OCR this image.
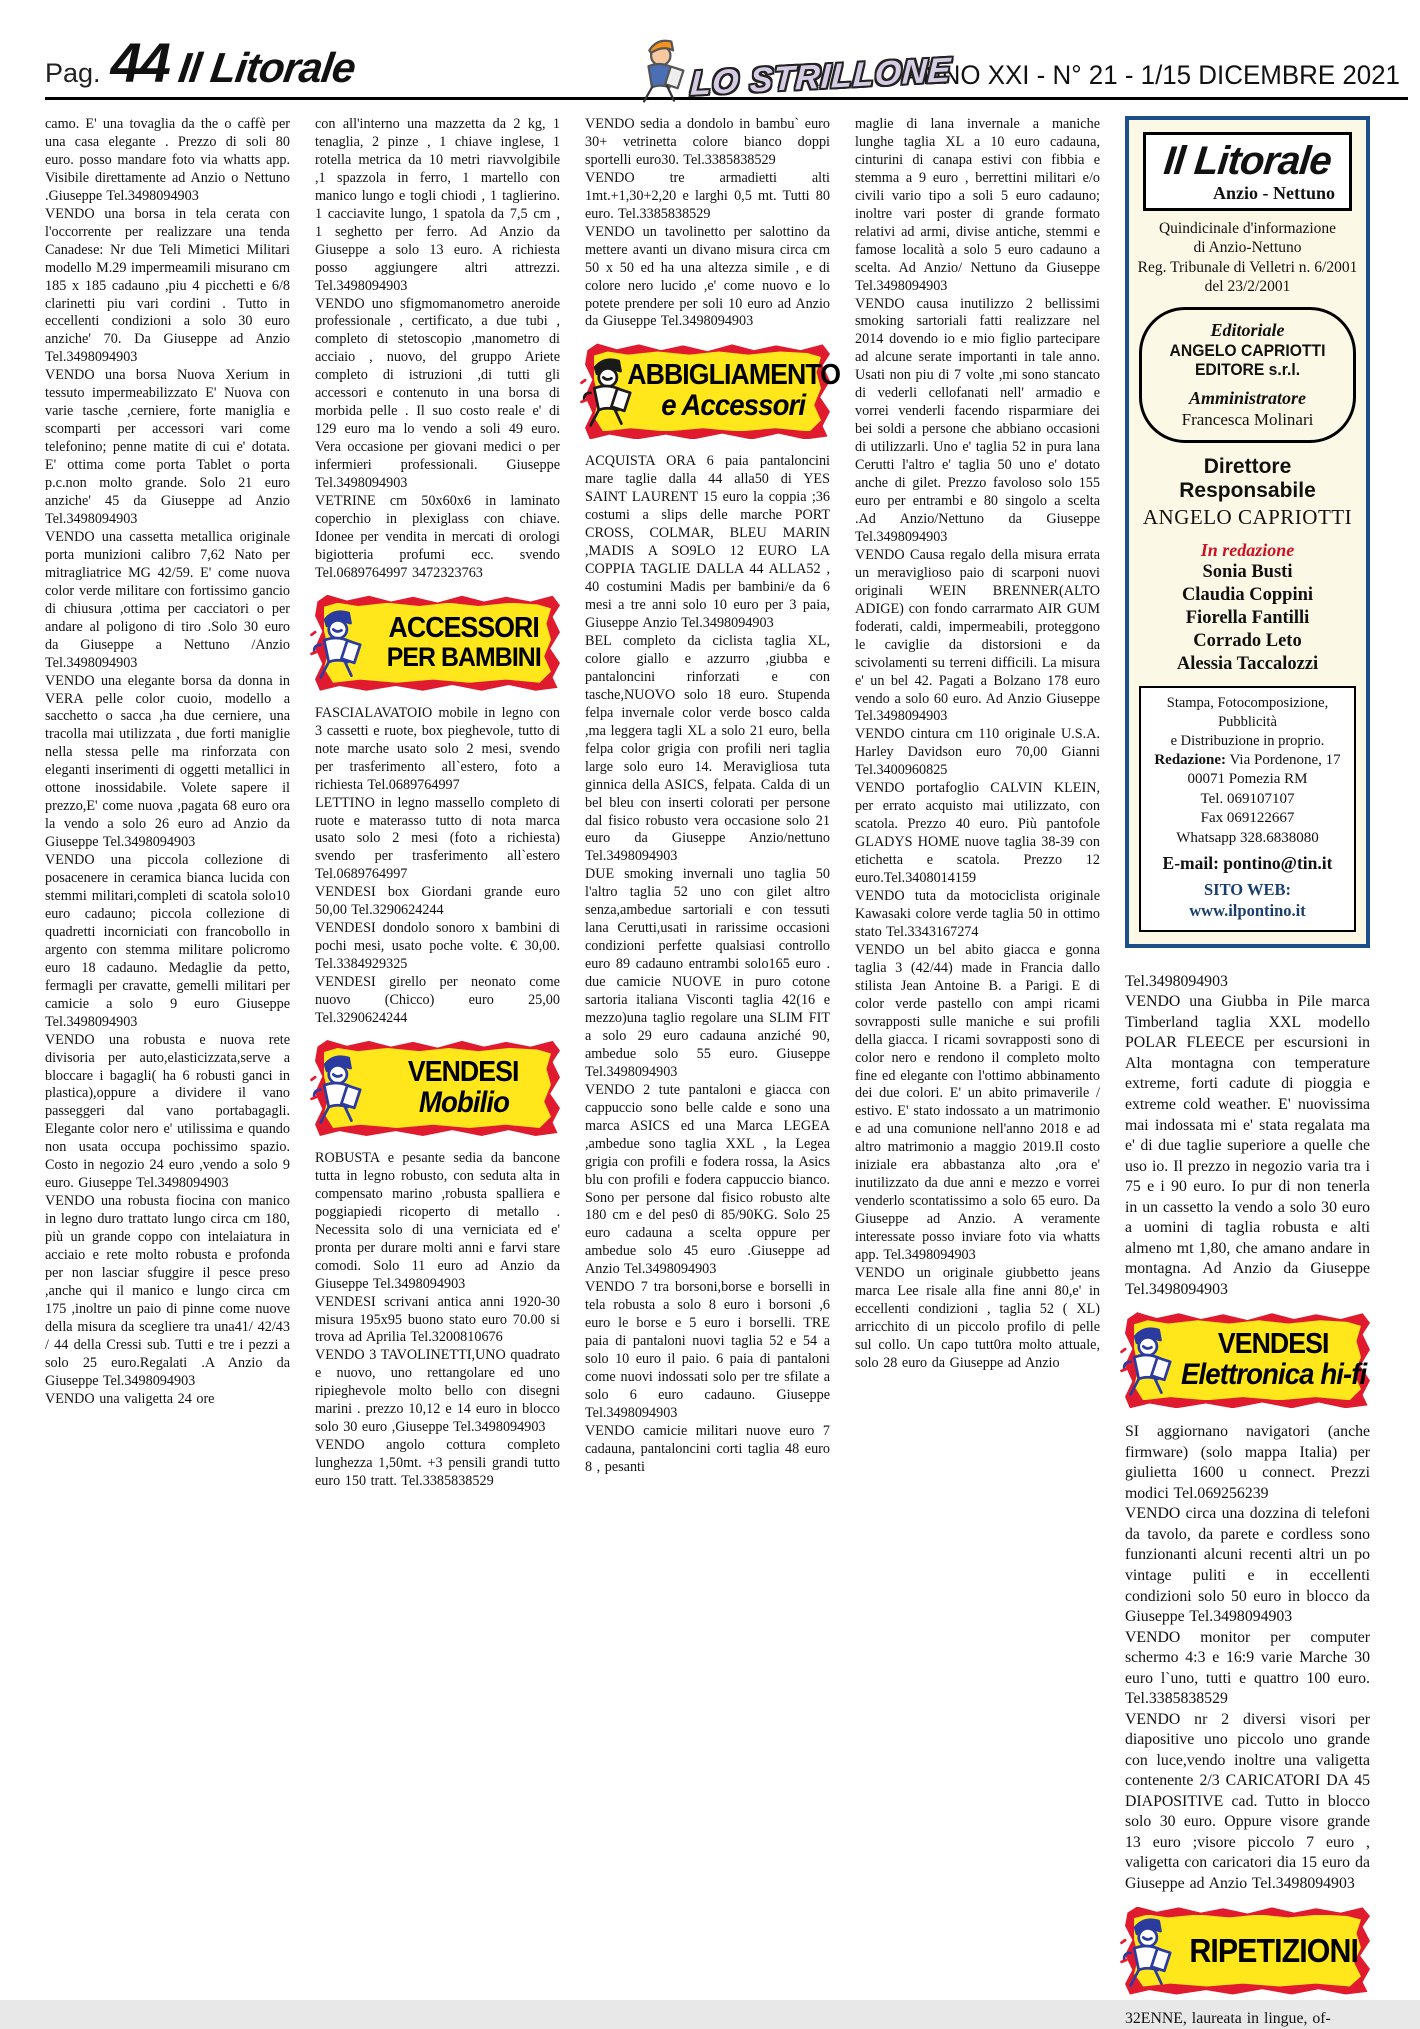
Pag. 44 Il Litorale	LO STRILLONE
ANNO XXI - N° 21 - 1/15 DICEMBRE 2021

camo. E' una tovaglia da the o caffè per una casa elegante . Prezzo di soli 80 euro. posso mandare foto via whatts app. Visibile direttamente ad Anzio o Nettuno .Giuseppe Tel.3498094903

VENDO una borsa in tela cerata con l'occorrente per realizzare una tenda Canadese: Nr due Teli Mimetici Militari modello M.29 impermeamili misurano cm 185 x 185 cadauno ,piu 4 picchetti e 6/8 clarinetti piu vari cordini . Tutto in eccellenti condizioni a solo 30 euro anziche' 70. Da Giuseppe ad Anzio Tel.3498094903

VENDO una borsa Nuova Xerium in tessuto impermeabilizzato E' Nuova con varie tasche ,cerniere, forte maniglia e scomparti per accessori vari come telefonino; penne matite di cui e' dotata. E' ottima come porta Tablet o porta p.c.non molto grande. Solo 21 euro anziche' 45 da Giuseppe ad Anzio Tel.3498094903

VENDO una cassetta metallica originale porta munizioni calibro 7,62 Nato per mitragliatrice MG 42/59. E' come nuova color verde militare con fortissimo gancio di chiusura ,ottima per cacciatori o per andare al poligono di tiro .Solo 30 euro da Giuseppe a Nettuno /Anzio Tel.3498094903

VENDO una elegante borsa da donna in VERA pelle color cuoio, modello a sacchetto o sacca ,ha due cerniere, una tracolla mai utilizzata , due forti maniglie nella stessa pelle ma rinforzata con eleganti inserimenti di oggetti metallici in ottone inossidabile. Volete sapere il prezzo,E' come nuova ,pagata 68 euro ora la vendo a solo 26 euro ad Anzio da Giuseppe Tel.3498094903

VENDO una piccola collezione di posacenere in ceramica bianca lucida con stemmi militari,completi di scatola solo10 euro cadauno; piccola collezione di quadretti incorniciati con francobollo in argento con stemma militare policromo euro 18 cadauno. Medaglie da petto, fermagli per cravatte, gemelli militari per camicie a solo 9 euro Giuseppe Tel.3498094903

VENDO una robusta e nuova rete divisoria per auto,elasticizzata,serve a bloccare i bagagli( ha 6 robusti ganci in plastica),oppure a dividere il vano passeggeri dal vano portabagagli. Elegante color nero e' utilissima e quando non usata occupa pochissimo spazio. Costo in negozio 24 euro ,vendo a solo 9 euro. Giuseppe Tel.3498094903

VENDO una robusta fiocina con manico in legno duro trattato lungo circa cm 180, più un grande coppo con intelaiatura in acciaio e rete molto robusta e profonda per non lasciar sfuggire il pesce preso ,anche qui il manico e lungo circa cm 175 ,inoltre un paio di pinne come nuove della misura da scegliere tra una41/ 42/43 / 44 della Cressi sub. Tutti e tre i pezzi a solo 25 euro.Regalati .A Anzio da Giuseppe Tel.3498094903

VENDO una valigetta 24 ore

con all'interno una mazzetta da 2 kg, 1 tenaglia, 2 pinze , 1 chiave inglese, 1 rotella metrica da 10 metri riavvolgibile ,1 spazzola in ferro, 1 martello con manico lungo e togli chiodi , 1 taglierino. 1 cacciavite lungo, 1 spatola da 7,5 cm , 1 seghetto per ferro. Ad Anzio da Giuseppe a solo 13 euro. A richiesta posso aggiungere altri attrezzi. Tel.3498094903

VENDO uno sfigmomanometro aneroide professionale , certificato, a due tubi , completo di stetoscopio ,manometro di acciaio , nuovo, del gruppo Ariete completo di istruzioni ,di tutti gli accessori e contenuto in una borsa di morbida pelle . Il suo costo reale e' di 129 euro ma lo vendo a soli 49 euro. Vera occasione per giovani medici o per infermieri professionali. Giuseppe Tel.3498094903

VETRINE cm 50x60x6 in laminato coperchio in plexiglass con chiave. Idonee per vendita in mercati di orologi bigiotteria profumi ecc. svendo Tel.0689764997 3472323763

ACCESSORI
PER BAMBINI

FASCIALAVATOIO mobile in legno con 3 cassetti e ruote, box pieghevole, tutto di note marche usato solo 2 mesi, svendo per trasferimento all`estero, foto a richiesta Tel.0689764997

LETTINO in legno massello completo di ruote e materasso tutto di nota marca usato solo 2 mesi (foto a richiesta) svendo per trasferimento all`estero Tel.0689764997

VENDESI box Giordani grande euro 50,00 Tel.3290624244

VENDESI dondolo sonoro x bambini di pochi mesi, usato poche volte. € 30,00. Tel.3384929325

VENDESI girello per neonato come nuovo (Chicco) euro 25,00 Tel.3290624244

VENDESI
Mobilio

ROBUSTA e pesante sedia da bancone tutta in legno robusto, con seduta alta in compensato marino ,robusta spalliera e poggiapiedi ricoperto di metallo . Necessita solo di una verniciata ed e' pronta per durare molti anni e farvi stare comodi. Solo 11 euro ad Anzio da Giuseppe Tel.3498094903

VENDESI scrivani antica anni 1920-30 misura 195x95 buono stato euro 70.00 si trova ad Aprilia Tel.3200810676

VENDO 3 TAVOLINETTI,UNO quadrato e nuovo, uno rettangolare ed uno ripieghevole molto bello con disegni marini . prezzo 10,12 e 14 euro in blocco solo 30 euro ,Giuseppe Tel.3498094903

VENDO angolo cottura completo lunghezza 1,50mt. +3 pensili grandi tutto euro 150 tratt. Tel.3385838529

VENDO sedia a dondolo in bambu` euro 30+ vetrinetta colore bianco doppi sportelli euro30. Tel.3385838529

VENDO tre armadietti alti 1mt.+1,30+2,20 e larghi 0,5 mt. Tutti 80 euro. Tel.3385838529

VENDO un tavolinetto per salottino da mettere avanti un divano misura circa cm 50 x 50 ed ha una altezza simile , e di colore nero lucido ,e' come nuovo e lo potete prendere per soli 10 euro ad Anzio da Giuseppe Tel.3498094903

ABBIGLIAMENTO
e Accessori

ACQUISTA ORA 6 paia pantaloncini mare taglie dalla 44 alla50 di YES SAINT LAURENT 15 euro la coppia ;36 costumi a slips delle marche PORT CROSS, COLMAR, BLEU MARIN ,MADIS A SO9LO 12 EURO LA COPPIA TAGLIE DALLA 44 ALLA52 , 40 costumini Madis per bambini/e da 6 mesi a tre anni solo 10 euro per 3 paia, Giuseppe Anzio Tel.3498094903

BEL completo da ciclista taglia XL, colore giallo e azzurro ,giubba e pantaloncini rinforzati e con tasche,NUOVO solo 18 euro. Stupenda felpa invernale color verde bosco calda ,ma leggera tagli XL a solo 21 euro, bella felpa color grigia con profili neri taglia large solo euro 14. Meravigliosa tuta ginnica della ASICS, felpata. Calda di un bel bleu con inserti colorati per persone dal fisico robusto vera occasione solo 21 euro da Giuseppe Anzio/nettuno Tel.3498094903

DUE smoking invernali uno taglia 50 l'altro taglia 52 uno con gilet altro senza,ambedue sartoriali e con tessuti lana Cerutti,usati in rarissime occasioni condizioni perfette qualsiasi controllo euro 89 cadauno entrambi solo165 euro . due camicie NUOVE in puro cotone sartoria italiana Visconti taglia 42(16 e mezzo)una taglio regolare una SLIM FIT a solo 29 euro cadauna anziché 90, ambedue solo 55 euro. Giuseppe Tel.3498094903

VENDO 2 tute pantaloni e giacca con cappuccio sono belle calde e sono una marca ASICS ed una Marca LEGEA ,ambedue sono taglia XXL , la Legea grigia con profili e fodera rossa, la Asics blu con profili e fodera cappuccio bianco. Sono per persone dal fisico robusto alte 180 cm e del pes0 di 85/90KG. Solo 25 euro cadauna a scelta oppure per ambedue solo 45 euro .Giuseppe ad Anzio Tel.3498094903

VENDO 7 tra borsoni,borse e borselli in tela robusta a solo 8 euro i borsoni ,6 euro le borse e 5 euro i borselli. TRE paia di pantaloni nuovi taglia 52 e 54 a solo 10 euro il paio. 6 paia di pantaloni come nuovi indossati solo per tre sfilate a solo 6 euro cadauno. Giuseppe Tel.3498094903

VENDO camicie militari nuove euro 7 cadauna, pantaloncini corti taglia 48 euro 8 , pesanti

maglie di lana invernale a maniche lunghe taglia XL a 10 euro cadauna, cinturini di canapa estivi con fibbia e stemma a 9 euro , berrettini militari e/o civili vario tipo a soli 5 euro cadauno; inoltre vari poster di grande formato relativi ad armi, divise antiche, stemmi e famose località a solo 5 euro cadauno a scelta. Ad Anzio/ Nettuno da Giuseppe Tel.3498094903

VENDO causa inutilizzo 2 bellissimi smoking sartoriali fatti realizzare nel 2014 dovendo io e mio figlio partecipare ad alcune serate importanti in tale anno. Usati non piu di 7 volte ,mi sono stancato di vederli cellofanati nell' armadio e vorrei venderli facendo risparmiare dei bei soldi a persone che abbiano occasioni di utilizzarli. Uno e' taglia 52 in pura lana Cerutti l'altro e' taglia 50 uno e' dotato anche di gilet. Prezzo favoloso solo 155 euro per entrambi e 80 singolo a scelta .Ad Anzio/Nettuno da Giuseppe Tel.3498094903

VENDO Causa regalo della misura errata un meraviglioso paio di scarponi nuovi originali WEIN BRENNER(ALTO ADIGE) con fondo carrarmato AIR GUM foderati, caldi, impermeabili, proteggono le caviglie da distorsioni e da scivolamenti su terreni difficili. La misura e' un bel 42. Pagati a Bolzano 178 euro vendo a solo 60 euro. Ad Anzio Giuseppe Tel.3498094903

VENDO cintura cm 110 originale U.S.A. Harley Davidson euro 70,00 Gianni Tel.3400960825

VENDO portafoglio CALVIN KLEIN, per errato acquisto mai utilizzato, con scatola. Prezzo 40 euro. Più pantofole GLADYS HOME nuove taglia 38-39 con etichetta e scatola. Prezzo 12 euro.Tel.3408014159

VENDO tuta da motociclista originale Kawasaki colore verde taglia 50 in ottimo stato Tel.3343167274

VENDO un bel abito giacca e gonna taglia 3 (42/44) made in Francia dallo stilista Jean Antoine B. a Parigi. E di color verde pastello con ampi ricami sovrapposti sulle maniche e sui profili della giacca. I ricami sovrapposti sono di color nero e rendono il completo molto fine ed elegante con l'ottimo abbinamento dei due colori. E' un abito primaverile / estivo. E' stato indossato a un matrimonio e ad una comunione nell'anno 2018 e ad altro matrimonio a maggio 2019.Il costo iniziale era abbastanza alto ,ora e' inutilizzato da due anni e mezzo e vorrei venderlo scontatissimo a solo 65 euro. Da Giuseppe ad Anzio. A veramente interessate posso inviare foto via whatts app. Tel.3498094903

VENDO un originale giubbetto jeans marca Lee risale alla fine anni 80,e' in eccellenti condizioni , taglia 52 ( XL) arricchito di un piccolo profilo di pelle sul collo. Un capo tutt0ra molto attuale, solo 28 euro da Giuseppe ad Anzio

Il Litorale
Anzio - Nettuno
Quindicinale d'informazione
di Anzio-Nettuno
Reg. Tribunale di Velletri n. 6/2001
del 23/2/2001
Editoriale
ANGELO CAPRIOTTI EDITORE s.r.l.
Amministratore
Francesca Molinari
Direttore Responsabile
ANGELO CAPRIOTTI
In redazione
Sonia Busti
Claudia Coppini
Fiorella Fantilli
Corrado Leto
Alessia Taccalozzi
Stampa, Fotocomposizione, Pubblicità
e Distribuzione in proprio.
Redazione: Via Pordenone, 17
00071 Pomezia RM
Tel. 069107107
Fax 069122667
Whatsapp 328.6838080
E-mail: pontino@tin.it
SITO WEB: www.ilpontino.it

Tel.3498094903

VENDO una Giubba in Pile marca Timberland taglia XXL modello POLAR FLEECE per escursioni in Alta montagna con temperature extreme, forti cadute di pioggia e extreme cold weather. E' nuovissima mai indossata mi e' stata regalata ma e' di due taglie superiore a quelle che uso io. Il prezzo in negozio varia tra i 75 e i 90 euro. Io pur di non tenerla in un cassetto la vendo a solo 30 euro a uomini di taglia robusta e alti almeno mt 1,80, che amano andare in montagna. Ad Anzio da Giuseppe Tel.3498094903

VENDESI
Elettronica hi-fi

SI aggiornano navigatori (anche firmware) (solo mappa Italia) per giulietta 1600 u connect. Prezzi modici Tel.069256239

VENDO circa una dozzina di telefoni da tavolo, da parete e cordless sono funzionanti alcuni recenti altri un po vintage puliti e in eccellenti condizioni solo 50 euro in blocco da Giuseppe Tel.3498094903

VENDO monitor per computer schermo 4:3 e 16:9 varie Marche 30 euro l`uno, tutti e quattro 100 euro. Tel.3385838529

VENDO nr 2 diversi visori per diapositive uno piccolo uno grande con luce,vendo inoltre una valigetta contenente 2/3 CARICATORI DA 45 DIAPOSITIVE cad. Tutto in blocco solo 30 euro. Oppure visore grande 13 euro ;visore piccolo 7 euro , valigetta con caricatori dia 15 euro da Giuseppe ad Anzio Tel.3498094903

RIPETIZIONI

32ENNE, laureata in lingue, of-
